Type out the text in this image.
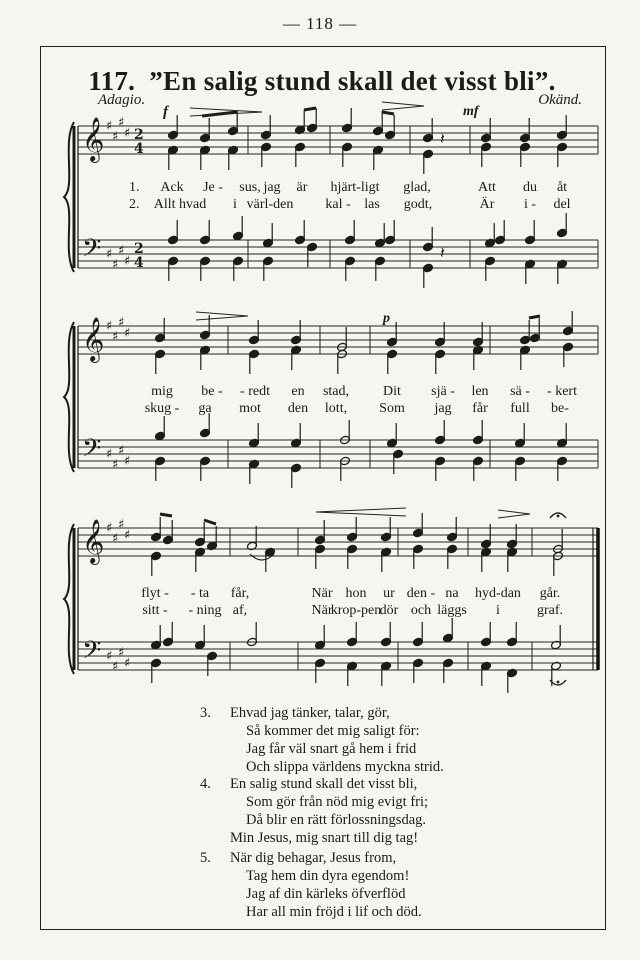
— 118 —
117. ”En salig stund skall det visst bli”.
Adagio.	Okänd.
𝄞
𝄢
♯
♯
♯
♯
♯
♯
♯
♯
2
4
2
4
𝄞
𝄢
♯
♯
♯
♯
♯
♯
♯
♯
𝄞
𝄢
♯
♯
♯
♯
♯
♯
♯
♯
𝄽
𝄽
f	mf
p
1.
2.
Ack Je - sus, jag är hjärt-ligt glad,	Att du åt
Allt hvad i värl-den kal - las godt,	Är i - del
mig be - - redt en stad, Dit sjä - len sä - - kert
skug - ga mot den lott, Som jag får full be-
flyt - - ta får,	När hon ur den - na hyd-dan går.
sitt - - ning af,	När
krop-pen
dör och läggs i	graf.
3.	Ehvad jag tänker, talar, gör,
Så kommer det mig saligt för:
Jag får väl snart gå hem i frid
Och slippa världens myckna strid.
4.	En salig stund skall det visst bli,
Som gör från nöd mig evigt fri;
Då blir en rätt förlossningsdag.
Min Jesus, mig snart till dig tag!
5.	När dig behagar, Jesus from,
Tag hem din dyra egendom!
Jag af din kärleks öfverflöd
Har all min fröjd i lif och död.
